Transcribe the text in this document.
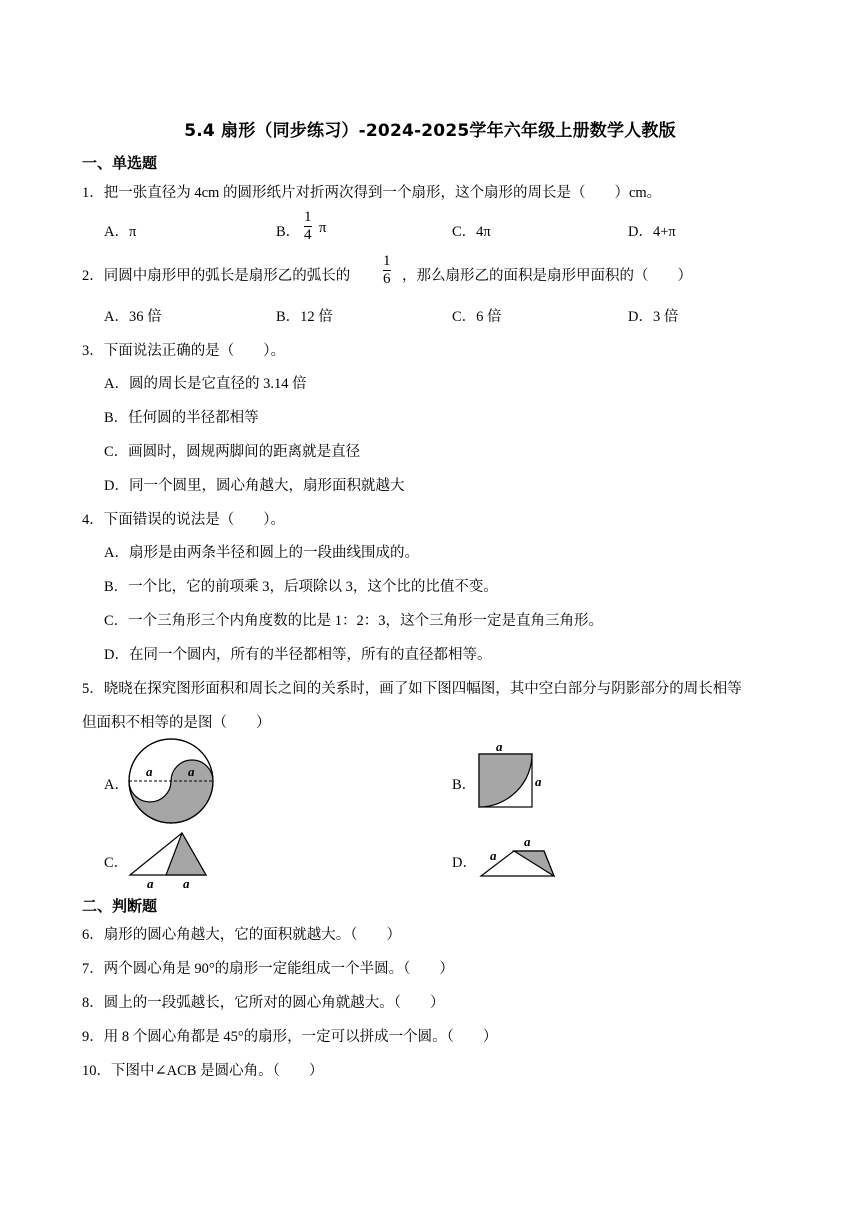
5.4 扇形（同步练习）-2024-2025学年六年级上册数学人教版
一、单选题
1．把一张直径为 4cm 的圆形纸片对折两次得到一个扇形，这个扇形的周长是（　　）cm。
A．π	B．
1
4 π	C．4π	D．4+π
2．同圆中扇形甲的弧长是扇形乙的弧长的
1
6 ，那么扇形乙的面积是扇形甲面积的（　　）
A．36 倍	B．12 倍	C．6 倍	D．3 倍
3．下面说法正确的是（　　）。
A．圆的周长是它直径的 3.14 倍
B．任何圆的半径都相等
C．画圆时，圆规两脚间的距离就是直径
D．同一个圆里，圆心角越大，扇形面积就越大
4．下面错误的说法是（　　）。
A．扇形是由两条半径和圆上的一段曲线围成的。
B．一个比，它的前项乘 3，后项除以 3，这个比的比值不变。
C．一个三角形三个内角度数的比是 1：2：3，这个三角形一定是直角三角形。
D．在同一个圆内，所有的半径都相等，所有的直径都相等。
5．晓晓在探究图形面积和周长之间的关系时，画了如下图四幅图，其中空白部分与阴影部分的周长相等
但面积不相等的是图（　　）
A．
a	a
B．
a
a
C．
a a
D． a
a
二、判断题
6．扇形的圆心角越大，它的面积就越大。（　　）
7．两个圆心角是 90°的扇形一定能组成一个半圆。（　　）
8．圆上的一段弧越长，它所对的圆心角就越大。（　　）
9．用 8 个圆心角都是 45°的扇形，一定可以拼成一个圆。（　　）
10．下图中∠ACB 是圆心角。（　　）
